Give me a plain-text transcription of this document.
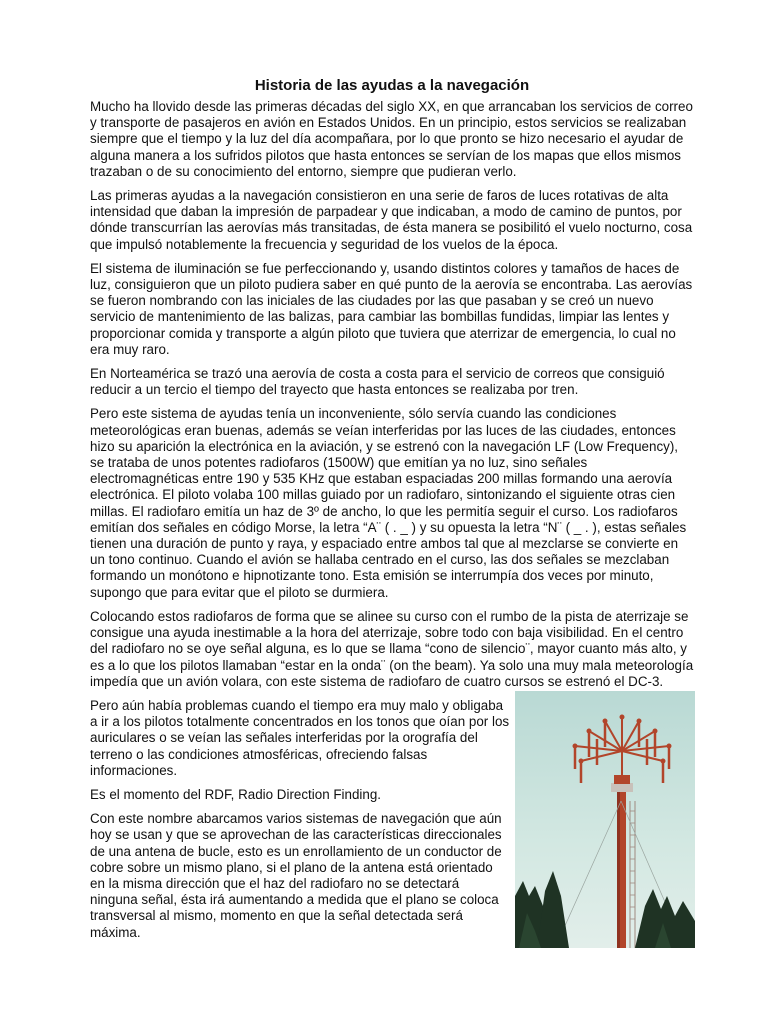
Historia de las ayudas a la navegación

Mucho ha llovido desde las primeras décadas del siglo XX, en que arrancaban los servicios de correo y transporte de pasajeros en avión en Estados Unidos. En un principio, estos servicios se realizaban siempre que el tiempo y la luz del día acompañara, por lo que pronto se hizo necesario el ayudar de alguna manera a los sufridos pilotos que hasta entonces se servían de los mapas que ellos mismos trazaban o de su conocimiento del entorno, siempre que pudieran verlo.

Las primeras ayudas a la navegación consistieron en una serie de faros de luces rotativas de alta intensidad que daban la impresión de parpadear y que indicaban, a modo de camino de puntos, por dónde transcurrían las aerovías más transitadas, de ésta manera se posibilitó el vuelo nocturno, cosa que impulsó notablemente la frecuencia y seguridad de los vuelos de la época.

El sistema de iluminación se fue perfeccionando y, usando distintos colores y tamaños de haces de luz, consiguieron que un piloto pudiera saber en qué punto de la aerovía se encontraba. Las aerovías se fueron nombrando con las iniciales de las ciudades por las que pasaban y se creó un nuevo servicio de mantenimiento de las balizas, para cambiar las bombillas fundidas, limpiar las lentes y proporcionar comida y transporte a algún piloto que tuviera que aterrizar de emergencia, lo cual no era muy raro.

En Norteamérica se trazó una aerovía de costa a costa para el servicio de correos que consiguió reducir a un tercio el tiempo del trayecto que hasta entonces se realizaba por tren.

Pero este sistema de ayudas tenía un inconveniente, sólo servía cuando las condiciones meteorológicas eran buenas, además se veían interferidas por las luces de las ciudades, entonces hizo su aparición la electrónica en la aviación, y se estrenó con la navegación LF (Low Frequency), se trataba de unos potentes radiofaros (1500W) que emitían ya no luz, sino señales electromagnéticas entre 190 y 535 KHz que estaban espaciadas 200 millas formando una aerovía electrónica. El piloto volaba 100 millas guiado por un radiofaro, sintonizando el siguiente otras cien millas. El radiofaro emitía un haz de 3º de ancho, lo que les permitía seguir el curso. Los radiofaros emitían dos señales en código Morse, la letra “A¨ ( . _ ) y su opuesta la letra “N¨ ( _ . ), estas señales tienen una duración de punto y raya, y espaciado entre ambos tal que al mezclarse se convierte en un tono continuo. Cuando el avión se hallaba centrado en el curso, las dos señales se mezclaban formando un monótono e hipnotizante tono. Esta emisión se interrumpía dos veces por minuto, supongo que para evitar que el piloto se durmiera.

Colocando estos radiofaros de forma que se alinee su curso con el rumbo de la pista de aterrizaje se consigue una ayuda inestimable a la hora del aterrizaje, sobre todo con baja visibilidad. En el centro del radiofaro no se oye señal alguna, es lo que se llama “cono de silencio¨, mayor cuanto más alto, y es a lo que los pilotos llamaban “estar en la onda¨ (on the beam). Ya solo una muy mala meteorología impedía que un avión volara, con este sistema de radiofaro de cuatro cursos se estrenó el DC-3.

Pero aún había problemas cuando el tiempo era muy malo y obligaba a ir a los pilotos totalmente concentrados en los tonos que oían por los auriculares o se veían las señales interferidas por la orografía del terreno o las condiciones atmosféricas, ofreciendo falsas informaciones.

Es el momento del RDF, Radio Direction Finding.

Con este nombre abarcamos varios sistemas de navegación que aún hoy se usan y que se aprovechan de las características direccionales de una antena de bucle, esto es un enrollamiento de un conductor de cobre sobre un mismo plano, si el plano de la antena está orientado en la misma dirección que el haz del radiofaro no se detectará ninguna señal, ésta irá aumentando a medida que el plano se coloca transversal al mismo, momento en que la señal detectada será máxima.
